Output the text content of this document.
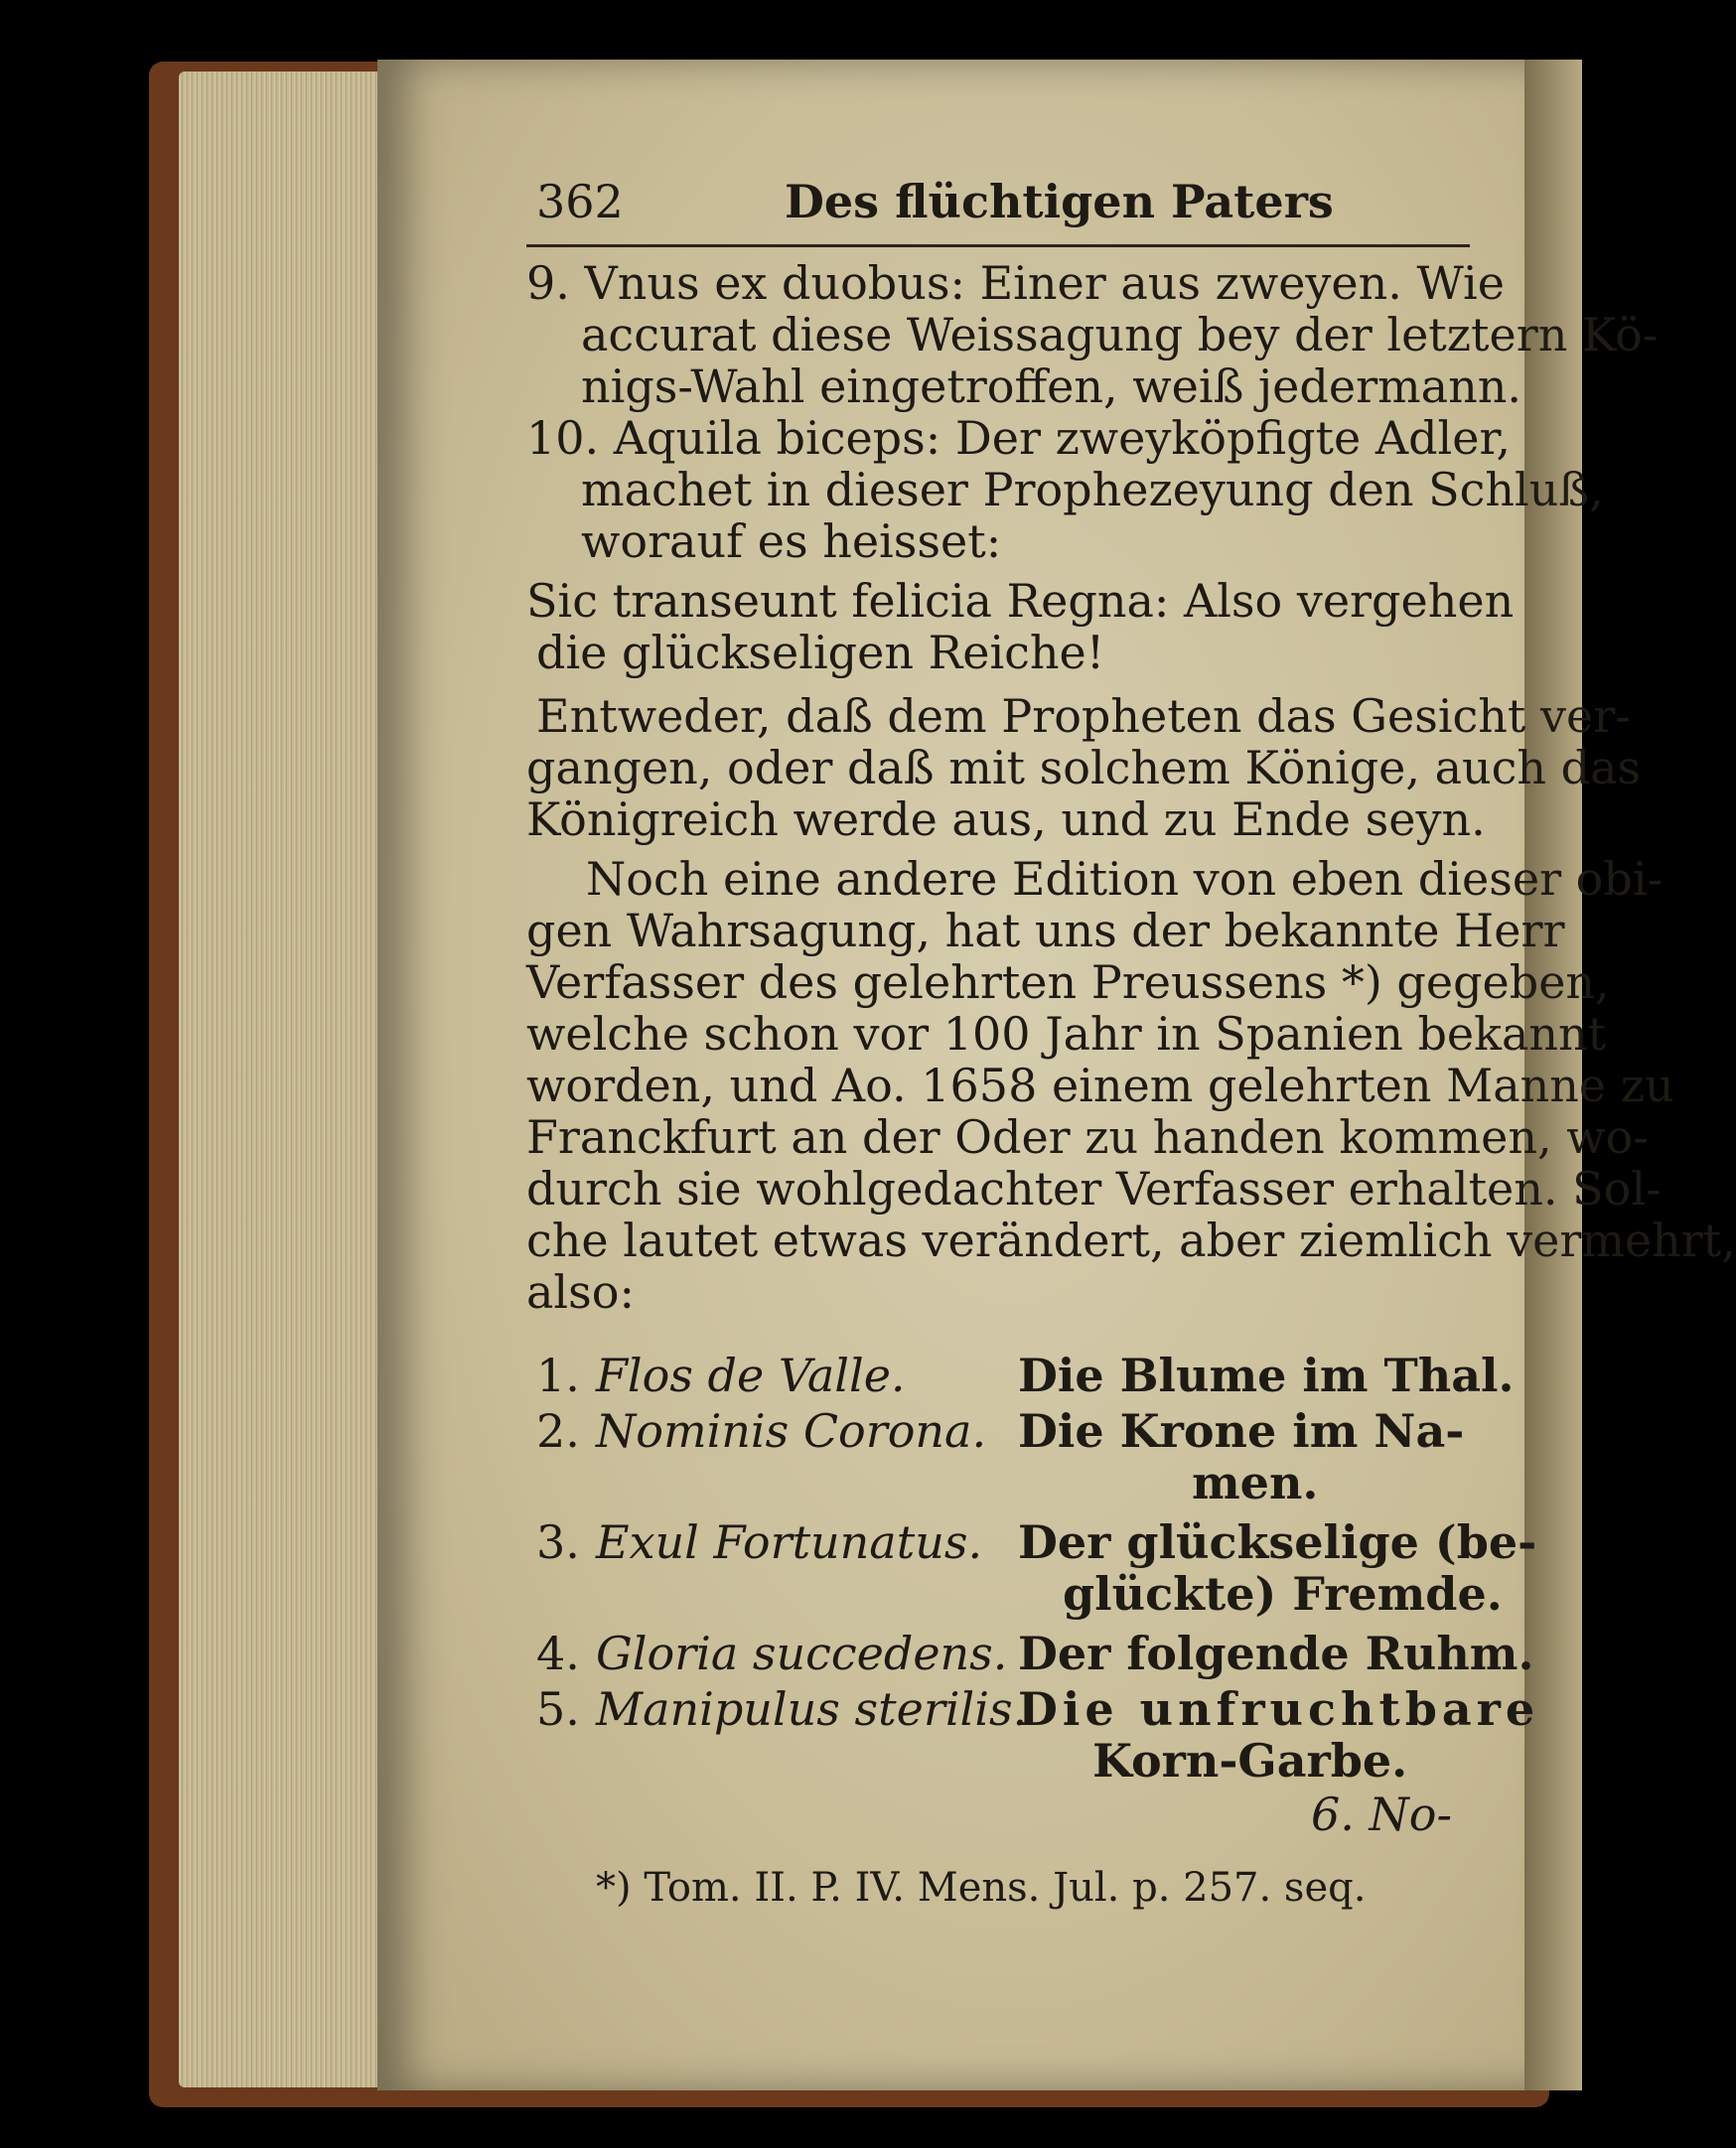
362	Des flüchtigen Paters
9. Vnus ex duobus: Einer aus zweyen. Wie
accurat diese Weissagung bey der letztern Kö-
nigs-Wahl eingetroffen, weiß jedermann.
10. Aquila biceps: Der zweyköpfigte Adler,
machet in dieser Prophezeyung den Schluß,
worauf es heisset:
Sic transeunt felicia Regna: Also vergehen
die glückseligen Reiche!
Entweder, daß dem Propheten das Gesicht ver-
gangen, oder daß mit solchem Könige, auch das
Königreich werde aus, und zu Ende seyn.
Noch eine andere Edition von eben dieser obi-
gen Wahrsagung, hat uns der bekannte Herr
Verfasser des gelehrten Preussens *) gegeben,
welche schon vor 100 Jahr in Spanien bekannt
worden, und Ao. 1658 einem gelehrten Manne zu
Franckfurt an der Oder zu handen kommen, wo-
durch sie wohlgedachter Verfasser erhalten. Sol-
che lautet etwas verändert, aber ziemlich vermehrt,
also:
1. Flos de Valle. Die Blume im Thal.
2. Nominis Corona. Die Krone im Na-
men.
3. Exul Fortunatus. Der glückselige (be-
glückte) Fremde.
4. Gloria succedens. Der folgende Ruhm.
5. Manipulus sterilis.
Die unfruchtbare
Korn-Garbe.
6. No-
*) Tom. II. P. IV. Mens. Jul. p. 257. seq.
